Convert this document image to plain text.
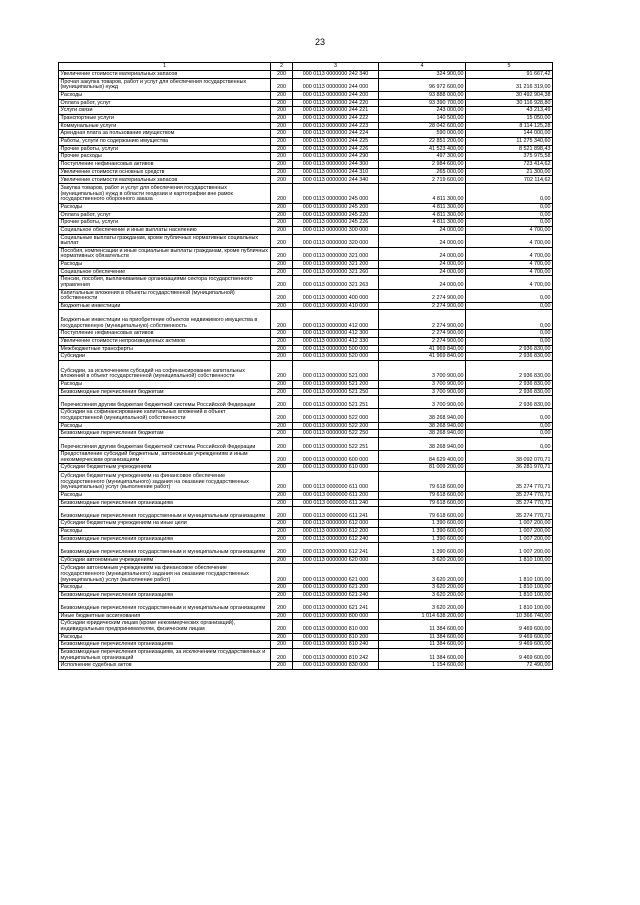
23
1	2	3	4	5
Увеличение стоимости материальных запасов	200	000 0113 0000000 242 340	324 900,00	91 667,42
Прочая закупка товаров, работ и услуг для обеспечения государственных (муниципальных) нужд	200	000 0113 0000000 244 000	96 972 600,00	31 216 319,00
Расходы	200	000 0113 0000000 244 200	93 888 000,00	30 492 904,38
Оплата работ, услуг	200	000 0113 0000000 244 220	93 390 700,00	30 116 928,80
Услуги связи	200	000 0113 0000000 244 221	243 000,00	43 213,49
Транспортные услуги	200	000 0113 0000000 244 222	140 500,00	15 050,00
Коммунальные услуги	200	000 0113 0000000 244 223	28 042 600,00	8 114 125,28
Арендная плата за пользование имуществом	200	000 0113 0000000 244 224	590 000,00	144 000,00
Работы, услуги по содержанию имущества	200	000 0113 0000000 244 225	22 851 200,00	11 275 340,60
Прочие работы, услуги	200	000 0113 0000000 244 226	41 523 400,00	8 521 898,43
Прочие расходы	200	000 0113 0000000 244 290	497 300,00	375 975,58
Поступление нефинансовых активов	200	000 0113 0000000 244 300	2 984 600,00	723 414,62
Увеличение стоимости основных средств	200	000 0113 0000000 244 310	265 000,00	21 300,00
Увеличение стоимости материальных запасов	200	000 0113 0000000 244 340	2 719 600,00	702 114,62
Закупка товаров, работ и услуг для обеспечения государственных (муниципальных) нужд в области геодезии и картографии вне рамок государственного оборонного заказа	200	000 0113 0000000 245 000	4 811 300,00	0,00
Расходы	200	000 0113 0000000 245 200	4 811 300,00	0,00
Оплата работ, услуг	200	000 0113 0000000 245 220	4 811 300,00	0,00
Прочие работы, услуги	200	000 0113 0000000 245 226	4 811 300,00	0,00
Социальное обеспечение и иные выплаты населению	200	000 0113 0000000 300 000	24 000,00	4 700,00
Социальные выплаты гражданам, кроме публичных нормативных социальных выплат	200	000 0113 0000000 320 000	24 000,00	4 700,00
Пособия, компенсации и иные социальные выплаты гражданам, кроме публичных нормативных обязательств	200	000 0113 0000000 321 000	24 000,00	4 700,00
Расходы	200	000 0113 0000000 321 200	24 000,00	4 700,00
Социальное обеспечение	200	000 0113 0000000 321 260	24 000,00	4 700,00
Пенсии, пособия, выплачиваемые организациями сектора государственного управления	200	000 0113 0000000 321 263	24 000,00	4 700,00
Капитальные вложения в объекты государственной (муниципальной) собственности	200	000 0113 0000000 400 000	2 274 900,00	0,00
Бюджетные инвестиции	200	000 0113 0000000 410 000	2 274 900,00	0,00
Бюджетные инвестиции на приобретение объектов недвижимого имущества в государственную (муниципальную) собственность	200	000 0113 0000000 412 000	2 274 900,00	0,00
Поступление нефинансовых активов	200	000 0113 0000000 412 300	2 274 900,00	0,00
Увеличение стоимости непроизведенных активов	200	000 0113 0000000 412 330	2 274 900,00	0,00
Межбюджетные трансферты	200	000 0113 0000000 500 000	41 969 840,00	2 936 830,00
Субсидии	200	000 0113 0000000 520 000	41 969 840,00	2 936 830,00
Субсидии, за исключением субсидий на софинансирование капитальных вложений в объект государственной (муниципальной) собственности	200	000 0113 0000000 521 000	3 700 900,00	2 936 830,00
Расходы	200	000 0113 0000000 521 200	3 700 900,00	2 936 830,00
Безвозмездные перечисления бюджетам	200	000 0113 0000000 521 250	3 700 900,00	2 936 830,00
Перечисления другим бюджетам бюджетной системы Российской Федерации	200	000 0113 0000000 521 251	3 700 900,00	2 936 830,00
Субсидии на софинансирование капитальных вложений в объект государственной (муниципальной) собственности	200	000 0113 0000000 522 000	38 268 940,00	0,00
Расходы	200	000 0113 0000000 522 200	38 268 940,00	0,00
Безвозмездные перечисления бюджетам	200	000 0113 0000000 522 250	38 268 940,00	0,00
Перечисления другим бюджетам бюджетной системы Российской Федерации	200	000 0113 0000000 522 251	38 268 940,00	0,00
Предоставление субсидий бюджетным, автономным учреждениям и иным некоммерческим организациям	200	000 0113 0000000 600 000	84 629 400,00	38 092 070,71
Субсидии бюджетным учреждениям	200	000 0113 0000000 610 000	81 009 200,00	36 281 970,71
Субсидии бюджетным учреждениям на финансовое обеспечение государственного (муниципального) задания на оказание государственных (муниципальных) услуг (выполнение работ)	200	000 0113 0000000 611 000	79 618 600,00	35 274 770,71
Расходы	200	000 0113 0000000 611 200	79 618 600,00	35 274 770,71
Безвозмездные перечисления организациям	200	000 0113 0000000 611 240	79 618 600,00	35 274 770,71
Безвозмездные перечисления государственным и муниципальным организациям	200	000 0113 0000000 611 241	79 618 600,00	35 274 770,71
Субсидии бюджетным учреждениям на иные цели	200	000 0113 0000000 612 000	1 390 600,00	1 007 200,00
Расходы	200	000 0113 0000000 612 200	1 390 600,00	1 007 200,00
Безвозмездные перечисления организациям	200	000 0113 0000000 612 240	1 390 600,00	1 007 200,00
Безвозмездные перечисления государственным и муниципальным организациям	200	000 0113 0000000 612 241	1 390 600,00	1 007 200,00
Субсидии автономным учреждениям	200	000 0113 0000000 620 000	3 620 200,00	1 810 100,00
Субсидии автономным учреждениям на финансовое обеспечение государственного (муниципального) задания на оказание государственных (муниципальных) услуг (выполнение работ)	200	000 0113 0000000 621 000	3 620 200,00	1 810 100,00
Расходы	200	000 0113 0000000 621 200	3 620 200,00	1 810 100,00
Безвозмездные перечисления организациям	200	000 0113 0000000 621 240	3 620 200,00	1 810 100,00
Безвозмездные перечисления государственным и муниципальным организациям	200	000 0113 0000000 621 241	3 620 200,00	1 810 100,00
Иные бюджетные ассигнования	200	000 0113 0000000 800 000	1 014 638 200,00	10 366 740,00
Субсидии юридическим лицам (кроме некоммерческих организаций), индивидуальным предпринимателям, физическим лицам	200	000 0113 0000000 810 000	11 384 600,00	9 469 600,00
Расходы	200	000 0113 0000000 810 200	11 384 600,00	9 469 600,00
Безвозмездные перечисления организациям	200	000 0113 0000000 810 240	11 384 600,00	9 469 600,00
Безвозмездные перечисления организациям, за исключением государственных и муниципальных организаций	200	000 0113 0000000 810 242	11 384 600,00	9 469 600,00
Исполнение судебных актов	200	000 0113 0000000 830 000	1 154 600,00	72 490,00
